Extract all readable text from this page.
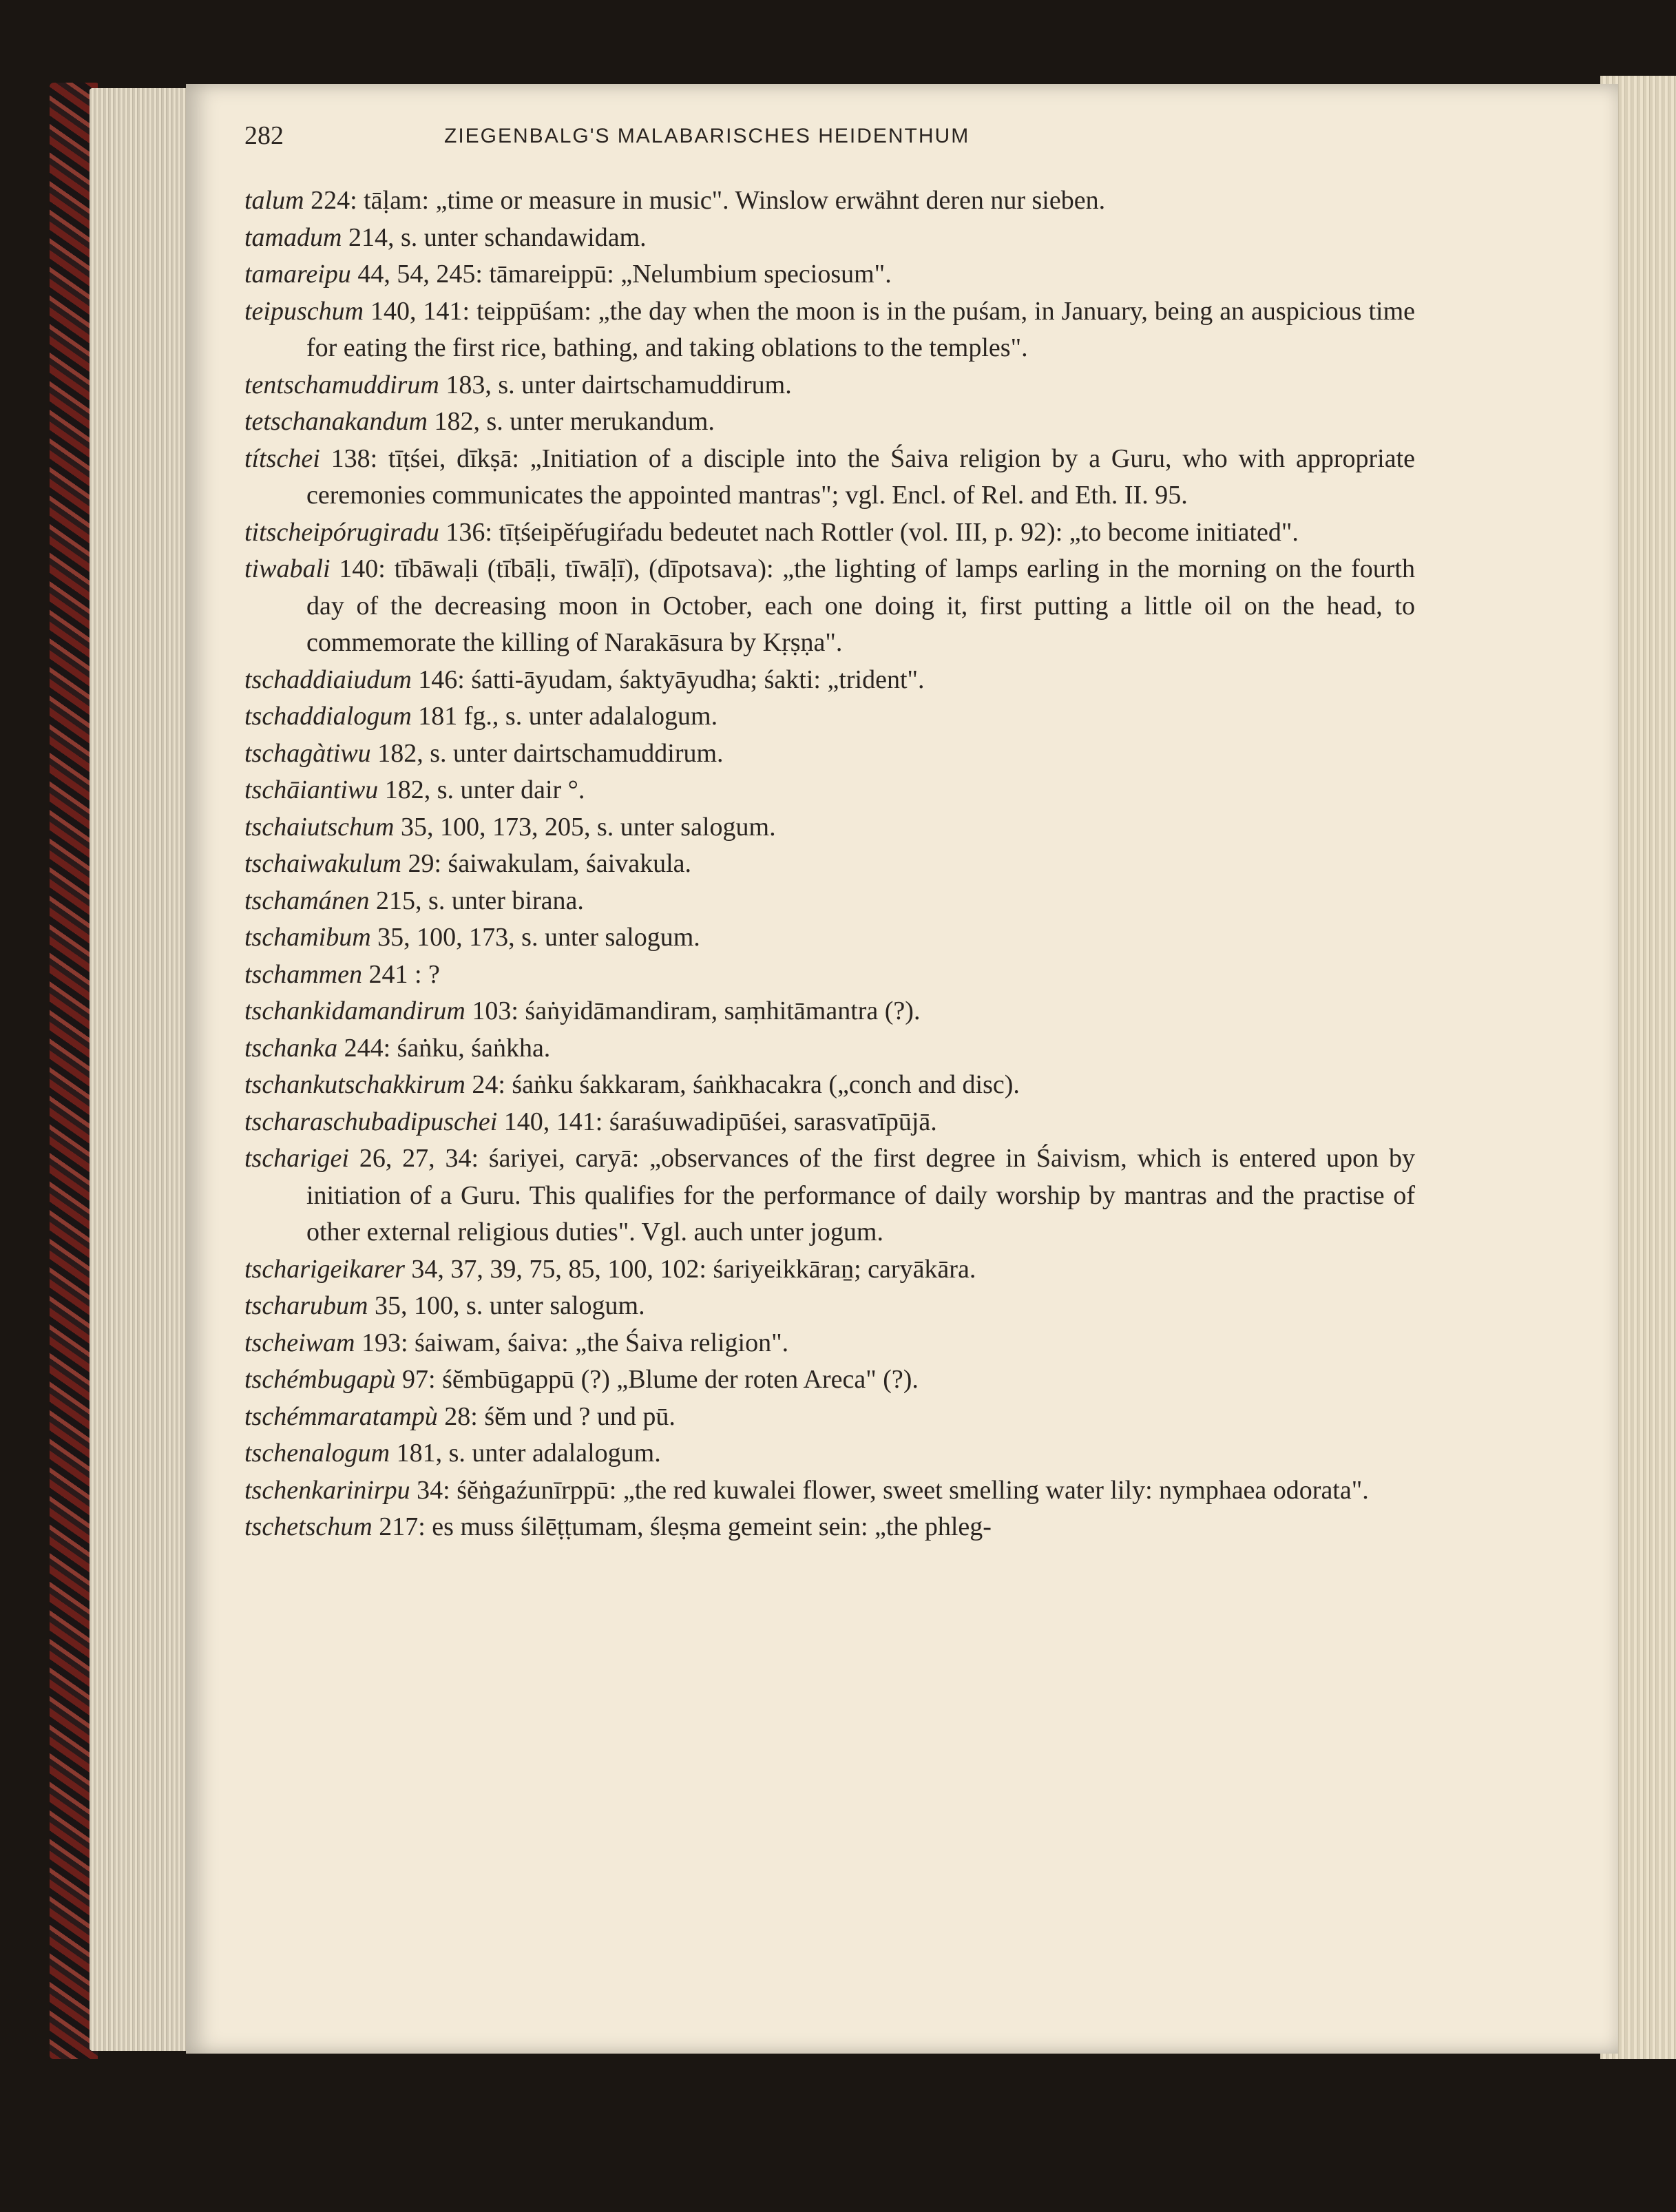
282	ZIEGENBALG'S MALABARISCHES HEIDENTHUM

talum 224: tāḷam: „time or measure in music". Winslow erwähnt deren nur sieben.

tamadum 214, s. unter schandawidam.

tamareipu 44, 54, 245: tāmareippū: „Nelumbium speciosum".

teipuschum 140, 141: teippūśam: „the day when the moon is in the puśam, in January, being an auspicious time for eating the first rice, bathing, and taking oblations to the temples".

tentschamuddirum 183, s. unter dairtschamuddirum.

tetschanakandum 182, s. unter merukandum.

títschei 138: tīṭśei, dīkṣā: „Initiation of a disciple into the Śaiva religion by a Guru, who with appropriate ceremonies communicates the appointed mantras"; vgl. Encl. of Rel. and Eth. II. 95.

titscheipórugiradu 136: tīṭśeipĕŕugiŕadu bedeutet nach Rottler (vol. III, p. 92): „to become initiated".

tiwabali 140: tībāwaḷi (tībāḷi, tīwāḷī), (dīpotsava): „the lighting of lamps earling in the morning on the fourth day of the decreasing moon in October, each one doing it, first putting a little oil on the head, to commemorate the killing of Narakāsura by Kṛṣṇa".

tschaddiaiudum 146: śatti-āyudam, śaktyāyudha; śakti: „trident".

tschaddialogum 181 fg., s. unter adalalogum.

tschagàtiwu 182, s. unter dairtschamuddirum.

tschāiantiwu 182, s. unter dair °.

tschaiutschum 35, 100, 173, 205, s. unter salogum.

tschaiwakulum 29: śaiwakulam, śaivakula.

tschamánen 215, s. unter birana.

tschamibum 35, 100, 173, s. unter salogum.

tschammen 241 : ?

tschankidamandirum 103: śaṅyidāmandiram, saṃhitāmantra (?).

tschanka 244: śaṅku, śaṅkha.

tschankutschakkirum 24: śaṅku śakkaram, śaṅkhacakra („conch and disc).

tscharaschubadipuschei 140, 141: śaraśuwadipūśei, sarasvatīpūjā.

tscharigei 26, 27, 34: śariyei, caryā: „observances of the first degree in Śaivism, which is entered upon by initiation of a Guru. This qualifies for the performance of daily worship by mantras and the practise of other external religious duties". Vgl. auch unter jogum.

tscharigeikarer 34, 37, 39, 75, 85, 100, 102: śariyeikkāraṉ; caryākāra.

tscharubum 35, 100, s. unter salogum.

tscheiwam 193: śaiwam, śaiva: „the Śaiva religion".

tschémbugapù 97: śĕmbūgappū (?) „Blume der roten Areca" (?).

tschémmaratampù 28: śĕm und ? und pū.

tschenalogum 181, s. unter adalalogum.

tschenkarinirpu 34: śĕṅgaźunīrppū: „the red kuwalei flower, sweet smelling water lily: nymphaea odorata".

tschetschum 217: es muss śilēṭṭumam, śleṣma gemeint sein: „the phleg-
